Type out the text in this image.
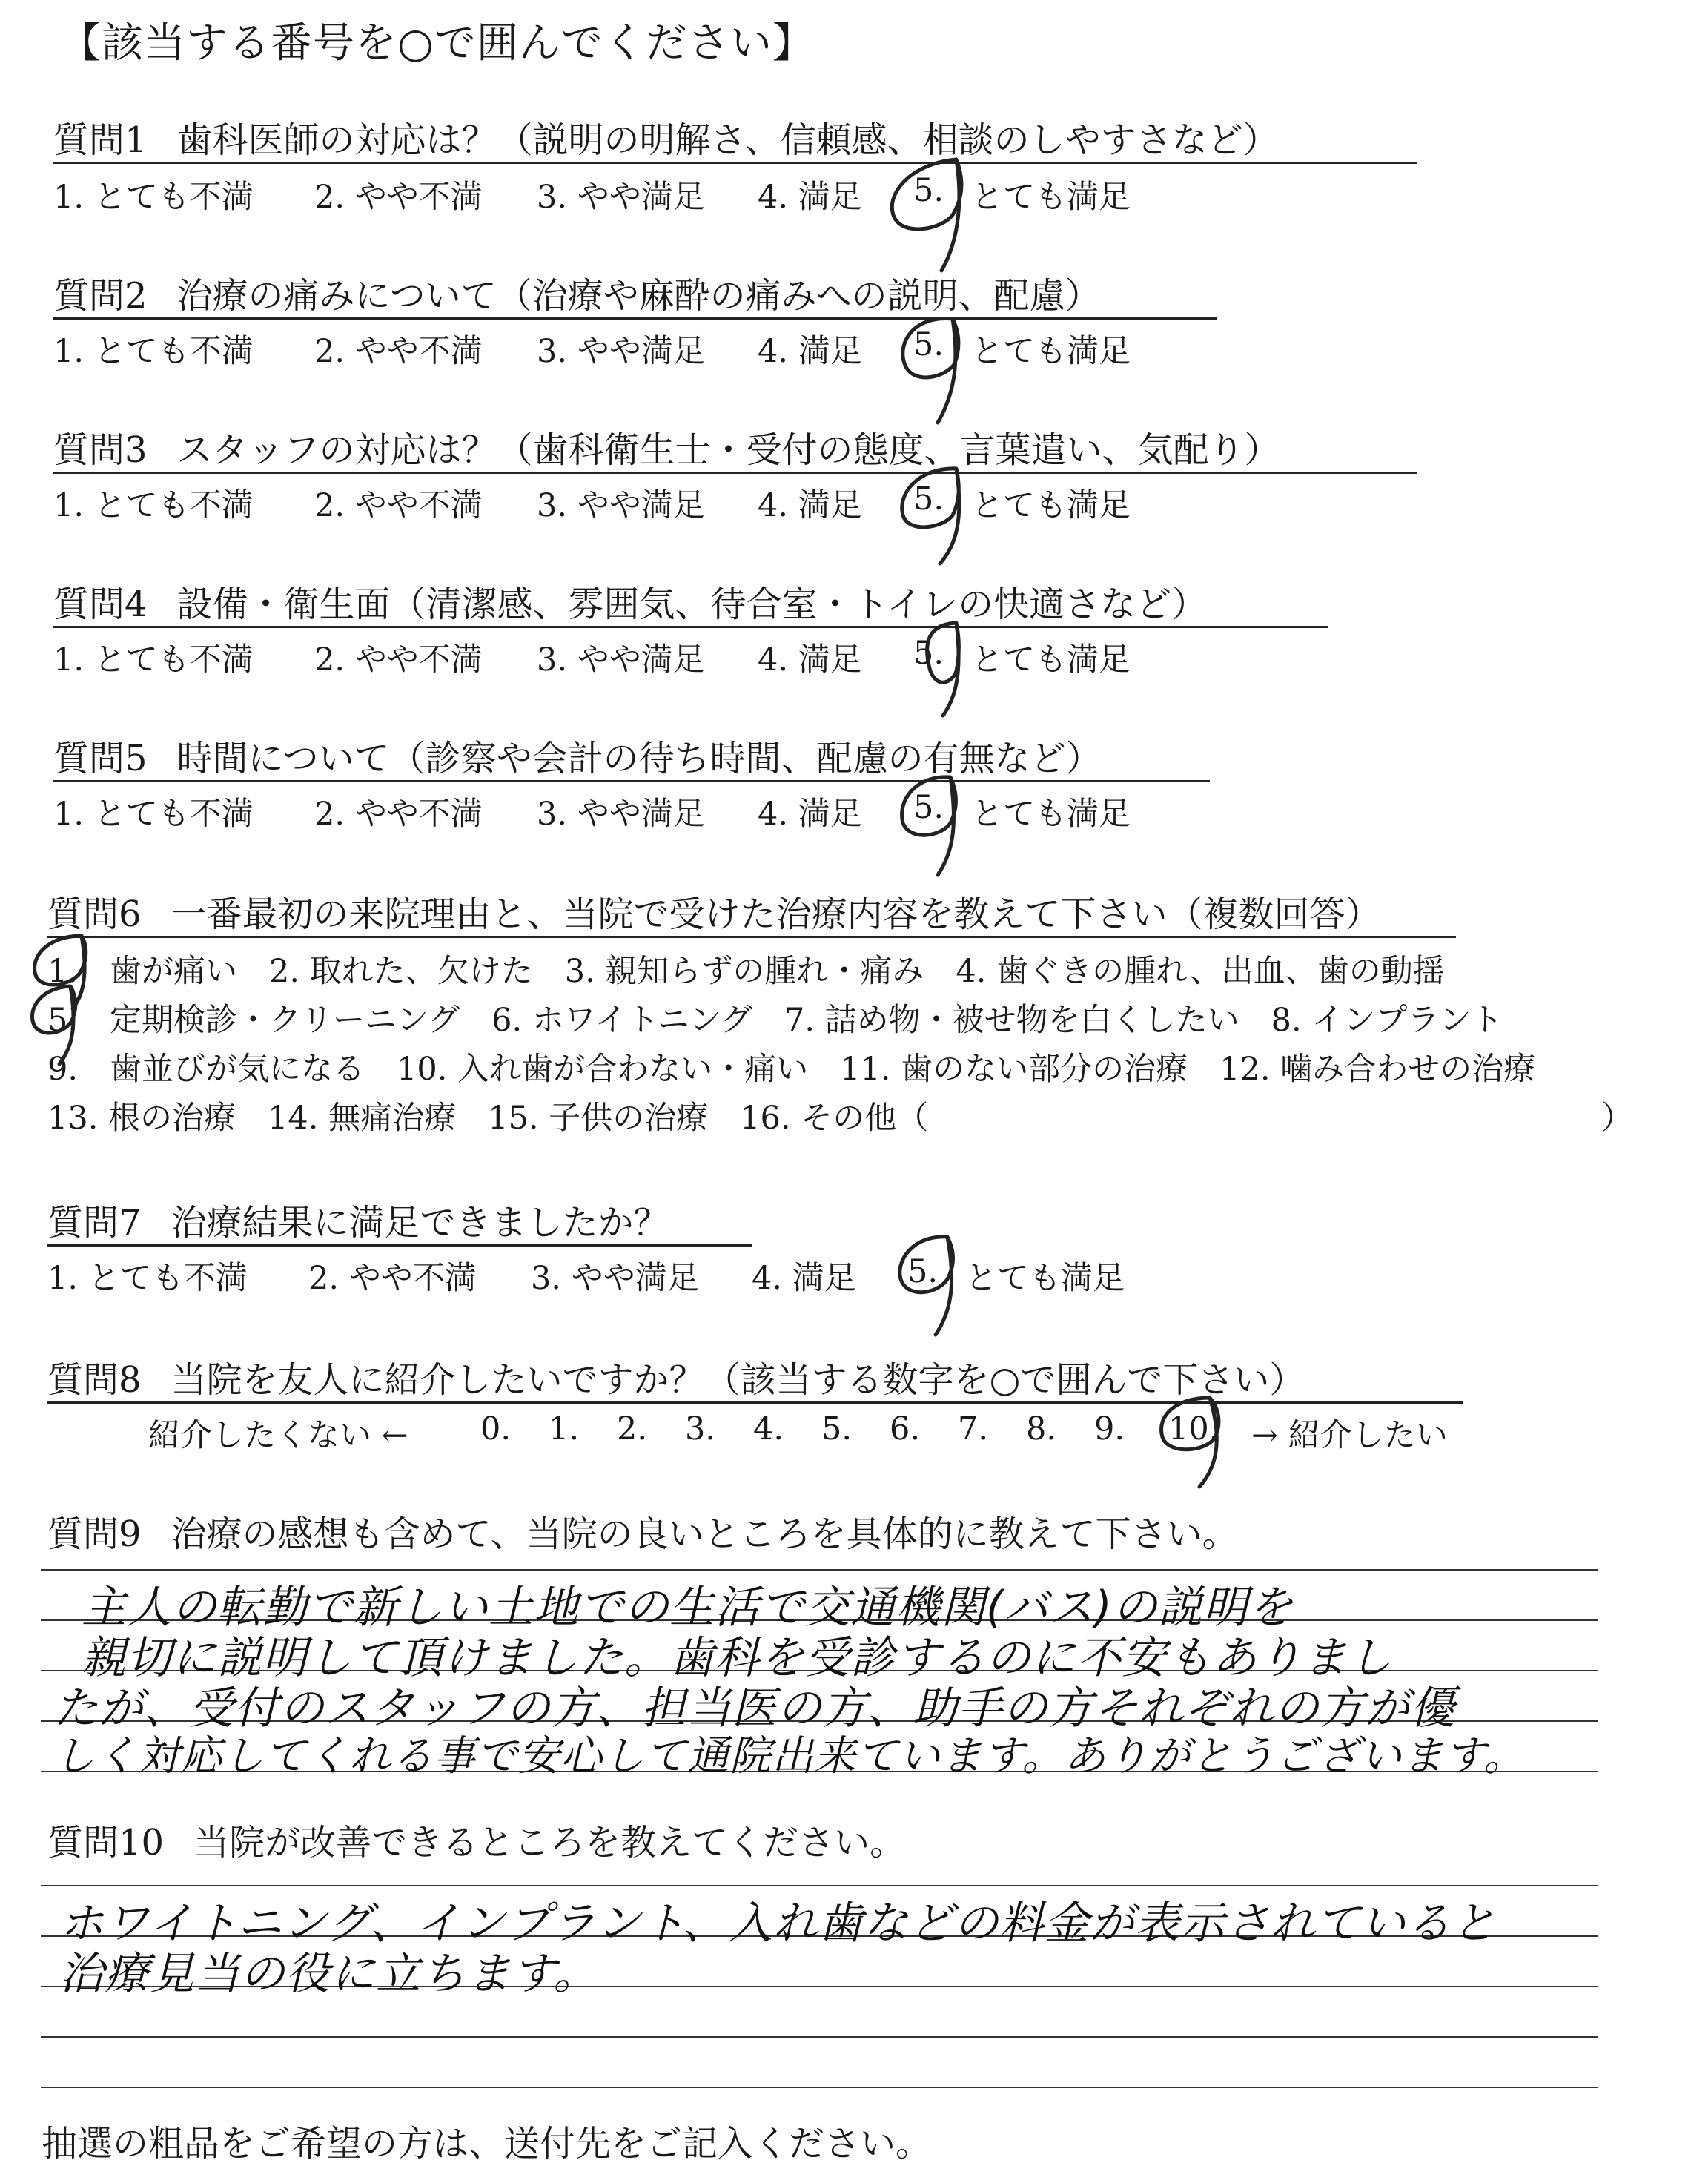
【該当する番号を○で囲んでください】
質問1 歯科医師の対応は？（説明の明解さ、信頼感、相談のしやすさなど）
1. とても不満 2. やや不満 3. やや満足 4. 満足 5. とても満足
質問2 治療の痛みについて（治療や麻酔の痛みへの説明、配慮）
1. とても不満 2. やや不満 3. やや満足 4. 満足 5. とても満足
質問3 スタッフの対応は？（歯科衛生士・受付の態度、言葉遣い、気配り）
1. とても不満 2. やや不満 3. やや満足 4. 満足 5. とても満足
質問4 設備・衛生面（清潔感、雰囲気、待合室・トイレの快適さなど）
1. とても不満 2. やや不満 3. やや満足 4. 満足 5. とても満足
質問5 時間について（診察や会計の待ち時間、配慮の有無など）
1. とても不満 2. やや不満 3. やや満足 4. 満足 5. とても満足
質問6 一番最初の来院理由と、当院で受けた治療内容を教えて下さい（複数回答）
1.　歯が痛い　2. 取れた、欠けた　3. 親知らずの腫れ・痛み　4. 歯ぐきの腫れ、出血、歯の動揺
5.　定期検診・クリーニング　6. ホワイトニング　7. 詰め物・被せ物を白くしたい　8. インプラント
9.　歯並びが気になる　10. 入れ歯が合わない・痛い　11. 歯のない部分の治療　12. 噛み合わせの治療
13. 根の治療　14. 無痛治療　15. 子供の治療　16. その他（	）
質問7 治療結果に満足できましたか？
1. とても不満 2. やや不満 3. やや満足 4. 満足 5. とても満足
質問8 当院を友人に紹介したいですか？（該当する数字を○で囲んで下さい）
紹介したくない ← 0. 1. 2. 3. 4. 5. 6. 7. 8. 9. 10. → 紹介したい
質問9 治療の感想も含めて、当院の良いところを具体的に教えて下さい。
主人の転勤で新しい土地での生活で交通機関(バス)の説明を
親切に説明して頂けました。歯科を受診するのに不安もありまし
たが、受付のスタッフの方、担当医の方、助手の方それぞれの方が優
しく対応してくれる事で安心して通院出来ています。ありがとうございます。
質問10 当院が改善できるところを教えてください。
ホワイトニング、インプラント、入れ歯などの料金が表示されていると
治療見当の役に立ちます。
抽選の粗品をご希望の方は、送付先をご記入ください。
